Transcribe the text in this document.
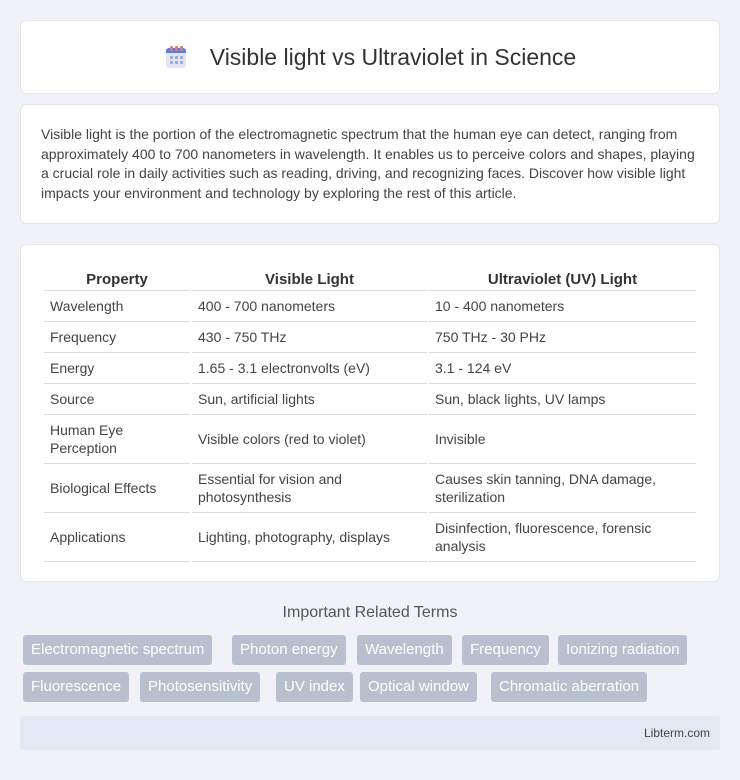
Visible light vs Ultraviolet in Science

Visible light is the portion of the electromagnetic spectrum that the human eye can detect, ranging from approximately 400 to 700 nanometers in wavelength. It enables us to perceive colors and shapes, playing a crucial role in daily activities such as reading, driving, and recognizing faces. Discover how visible light impacts your environment and technology by exploring the rest of this article.

Property	Visible Light	Ultraviolet (UV) Light
Wavelength	400 - 700 nanometers	10 - 400 nanometers
Frequency	430 - 750 THz	750 THz - 30 PHz
Energy	1.65 - 3.1 electronvolts (eV)	3.1 - 124 eV
Source	Sun, artificial lights	Sun, black lights, UV lamps
Human Eye Perception	Visible colors (red to violet)	Invisible
Biological Effects	Essential for vision and photosynthesis	Causes skin tanning, DNA damage, sterilization
Applications	Lighting, photography, displays	Disinfection, fluorescence, forensic analysis
Important Related Terms
Electromagnetic spectrum	Photon energy	Wavelength	Frequency	Ionizing radiation
Fluorescence	Photosensitivity	UV index	Optical window	Chromatic aberration
Libterm.com
